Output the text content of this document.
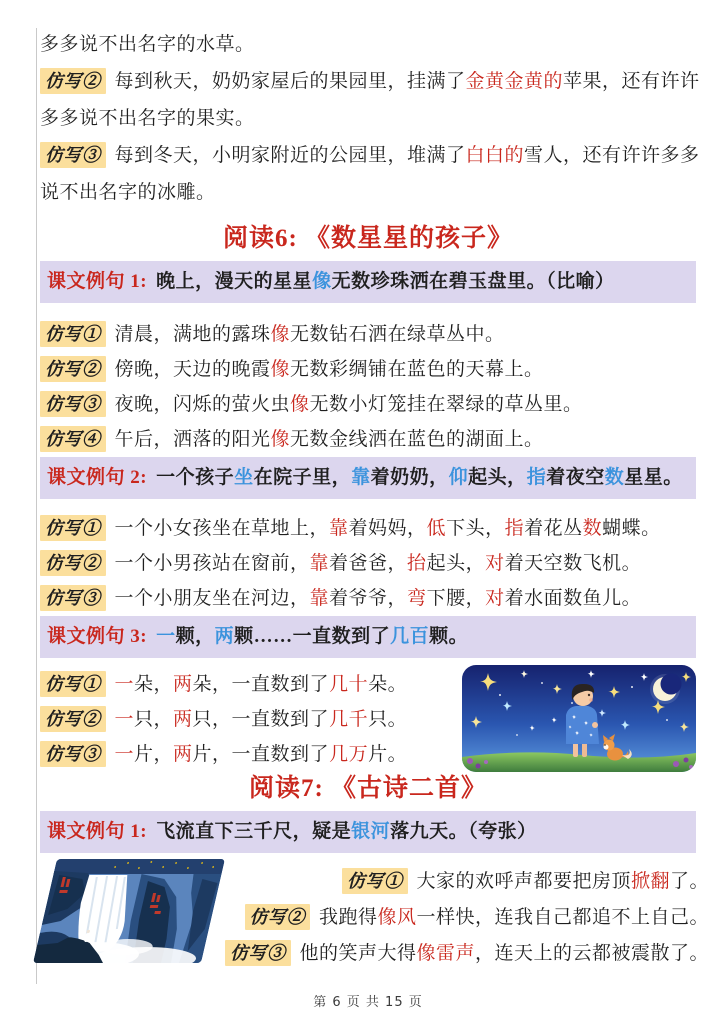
多多说不出名字的水草。

仿写② 每到秋天，奶奶家屋后的果园里，挂满了金黄金黄的苹果，还有许许

多多说不出名字的果实。

仿写③ 每到冬天，小明家附近的公园里，堆满了白白的雪人，还有许许多多

说不出名字的冰雕。

阅读6: 《数星星的孩子》
课文例句 1: 晚上，漫天的星星像无数珍珠洒在碧玉盘里。（比喻）

仿写① 清晨，满地的露珠像无数钻石洒在绿草丛中。

仿写② 傍晚，天边的晚霞像无数彩绸铺在蓝色的天幕上。

仿写③ 夜晚，闪烁的萤火虫像无数小灯笼挂在翠绿的草丛里。

仿写④ 午后，洒落的阳光像无数金线洒在蓝色的湖面上。

课文例句 2: 一个孩子坐在院子里，靠着奶奶，仰起头，指着夜空数星星。

仿写① 一个小女孩坐在草地上，靠着妈妈，低下头，指着花丛数蝴蝶。

仿写② 一个小男孩站在窗前，靠着爸爸，抬起头，对着天空数飞机。

仿写③ 一个小朋友坐在河边，靠着爷爷，弯下腰，对着水面数鱼儿。

课文例句 3: 一颗，两颗……一直数到了几百颗。

仿写① 一朵，两朵，一直数到了几十朵。

仿写② 一只，两只，一直数到了几千只。

仿写③ 一片，两片，一直数到了几万片。

阅读7: 《古诗二首》
课文例句 1: 飞流直下三千尺，疑是银河落九天。（夸张）

仿写① 大家的欢呼声都要把房顶掀翻了。

仿写② 我跑得像风一样快，连我自己都追不上自己。

仿写③ 他的笑声大得像雷声，连天上的云都被震散了。

第 6 页 共 15 页
